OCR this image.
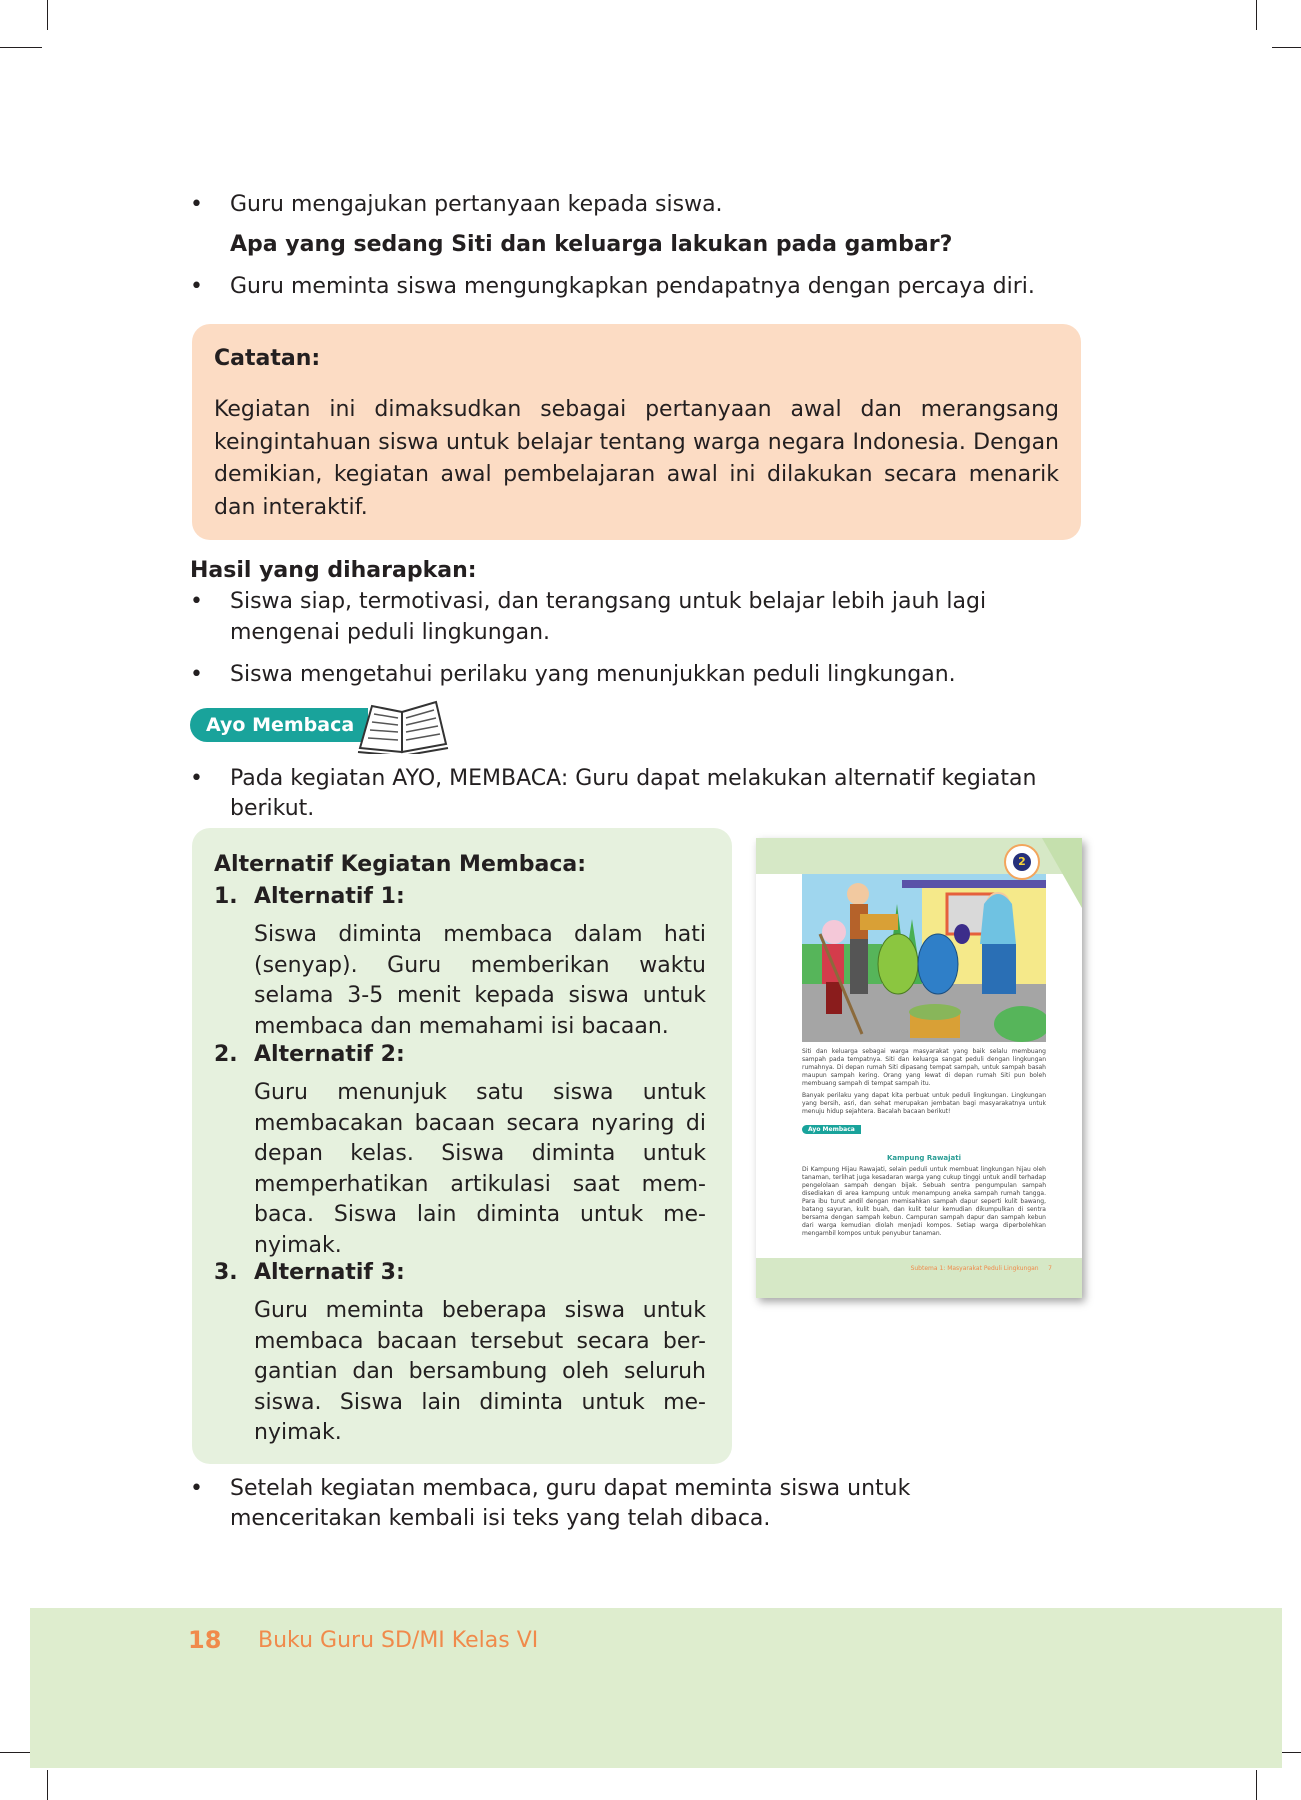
•	Guru mengajukan pertanyaan kepada siswa.
Apa yang sedang Siti dan keluarga lakukan pada gambar?
•	Guru meminta siswa mengungkapkan pendapatnya dengan percaya diri.
Catatan:
Kegiatan ini dimaksudkan sebagai pertanyaan awal dan merangsang keingintahuan siswa untuk belajar tentang warga negara Indonesia. Dengan demikian, kegiatan awal pembelajaran awal ini dilakukan secara menarik dan interaktif.
Hasil yang diharapkan:
•	Siswa siap, termotivasi, dan terangsang untuk belajar lebih jauh lagi
mengenai peduli lingkungan.
•	Siswa mengetahui perilaku yang menunjukkan peduli lingkungan.
Ayo Membaca
•	Pada kegiatan AYO, MEMBACA: Guru dapat melakukan alternatif kegiatan
berikut.
Alternatif Kegiatan Membaca:
1. Alternatif 1:
Siswa diminta membaca dalam hati (senyap). Guru memberikan waktu selama 3-5 menit kepada siswa untuk membaca dan memahami isi bacaan.
2. Alternatif 2:
Guru menunjuk satu siswa untuk membacakan bacaan secara nyaring di depan kelas. Siswa diminta untuk memperhatikan artikulasi saat mem-baca. Siswa lain diminta untuk me-nyimak.
3. Alternatif 3:
Guru meminta beberapa siswa untuk membaca bacaan tersebut secara ber-gantian dan bersambung oleh seluruh siswa. Siswa lain diminta untuk me-nyimak.
2
Siti dan keluarga sebagai warga masyarakat yang baik selalu membuang sampah pada tempatnya. Siti dan keluarga sangat peduli dengan lingkungan rumahnya. Di depan rumah Siti dipasang tempat sampah, untuk sampah basah maupun sampah kering. Orang yang lewat di depan rumah Siti pun boleh membuang sampah di tempat sampah itu.
Banyak perilaku yang dapat kita perbuat untuk peduli lingkungan. Lingkungan yang bersih, asri, dan sehat merupakan jembatan bagi masyarakatnya untuk menuju hidup sejahtera. Bacalah bacaan berikut!
Ayo Membaca
Kampung Rawajati
Di Kampung Hijau Rawajati, selain peduli untuk membuat lingkungan hijau oleh tanaman, terlihat juga kesadaran warga yang cukup tinggi untuk andil terhadap pengelolaan sampah dengan bijak. Sebuah sentra pengumpulan sampah disediakan di area kampung untuk menampung aneka sampah rumah tangga. Para ibu turut andil dengan memisahkan sampah dapur seperti kulit bawang, batang sayuran, kulit buah, dan kulit telur kemudian dikumpulkan di sentra bersama dengan sampah kebun. Campuran sampah dapur dan sampah kebun dari warga kemudian diolah menjadi kompos. Setiap warga diperbolehkan mengambil kompos untuk penyubur tanaman.
Subtema 1: Masyarakat Peduli Lingkungan 7
•	Setelah kegiatan membaca, guru dapat meminta siswa untuk
menceritakan kembali isi teks yang telah dibaca.
18 Buku Guru SD/MI Kelas VI
